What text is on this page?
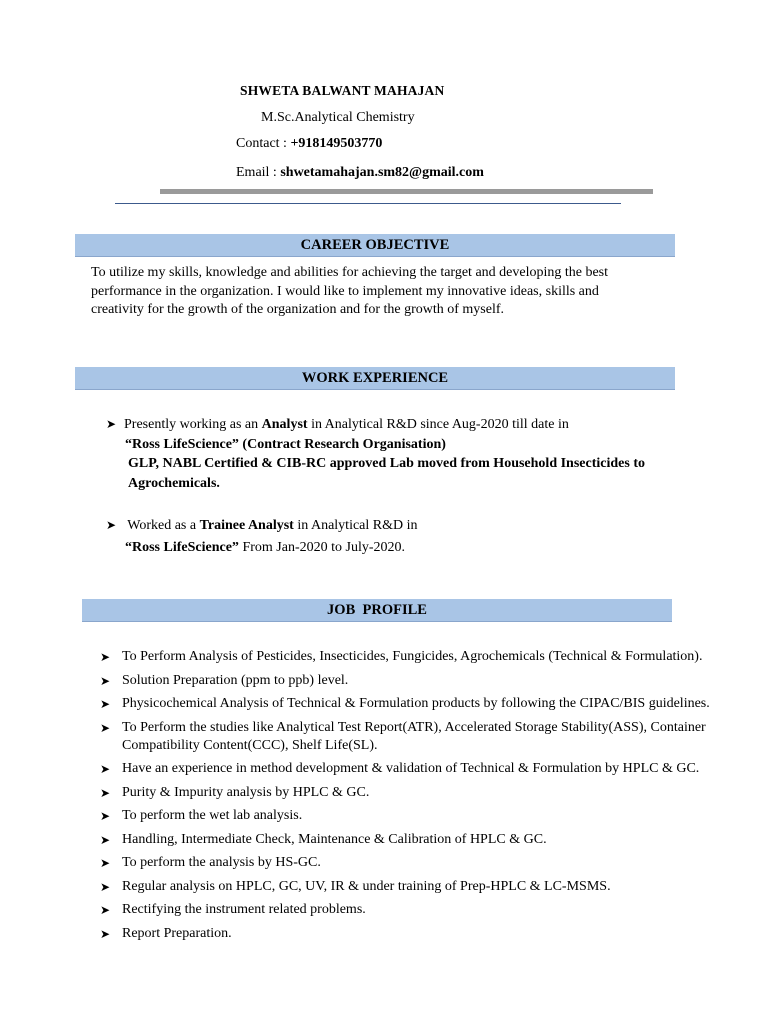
SHWETA BALWANT MAHAJAN
M.Sc.Analytical Chemistry
Contact : +918149503770
Email : shwetamahajan.sm82@gmail.com
CAREER OBJECTIVE
To utilize my skills, knowledge and abilities for achieving the target and developing the best performance in the organization. I would like to implement my innovative ideas, skills and creativity for the growth of the organization and for the growth of myself.
WORK EXPERIENCE
➤ Presently working as an Analyst in Analytical R&D since Aug-2020 till date in
“Ross LifeScience” (Contract Research Organisation)
GLP, NABL Certified & CIB-RC approved Lab moved from Household Insecticides to Agrochemicals.
➤ Worked as a Trainee Analyst in Analytical R&D in
“Ross LifeScience” From Jan-2020 to July-2020.
JOB  PROFILE
➤ To Perform Analysis of Pesticides, Insecticides, Fungicides, Agrochemicals (Technical & Formulation).
➤ Solution Preparation (ppm to ppb) level.
➤ Physicochemical Analysis of Technical & Formulation products by following the CIPAC/BIS guidelines.
➤ To Perform the studies like Analytical Test Report(ATR), Accelerated Storage Stability(ASS), Container Compatibility Content(CCC), Shelf Life(SL).
➤ Have an experience in method development & validation of Technical & Formulation by HPLC & GC.
➤ Purity & Impurity analysis by HPLC & GC.
➤ To perform the wet lab analysis.
➤ Handling, Intermediate Check, Maintenance & Calibration of HPLC & GC.
➤ To perform the analysis by HS-GC.
➤ Regular analysis on HPLC, GC, UV, IR & under training of Prep-HPLC & LC-MSMS.
➤ Rectifying the instrument related problems.
➤ Report Preparation.
